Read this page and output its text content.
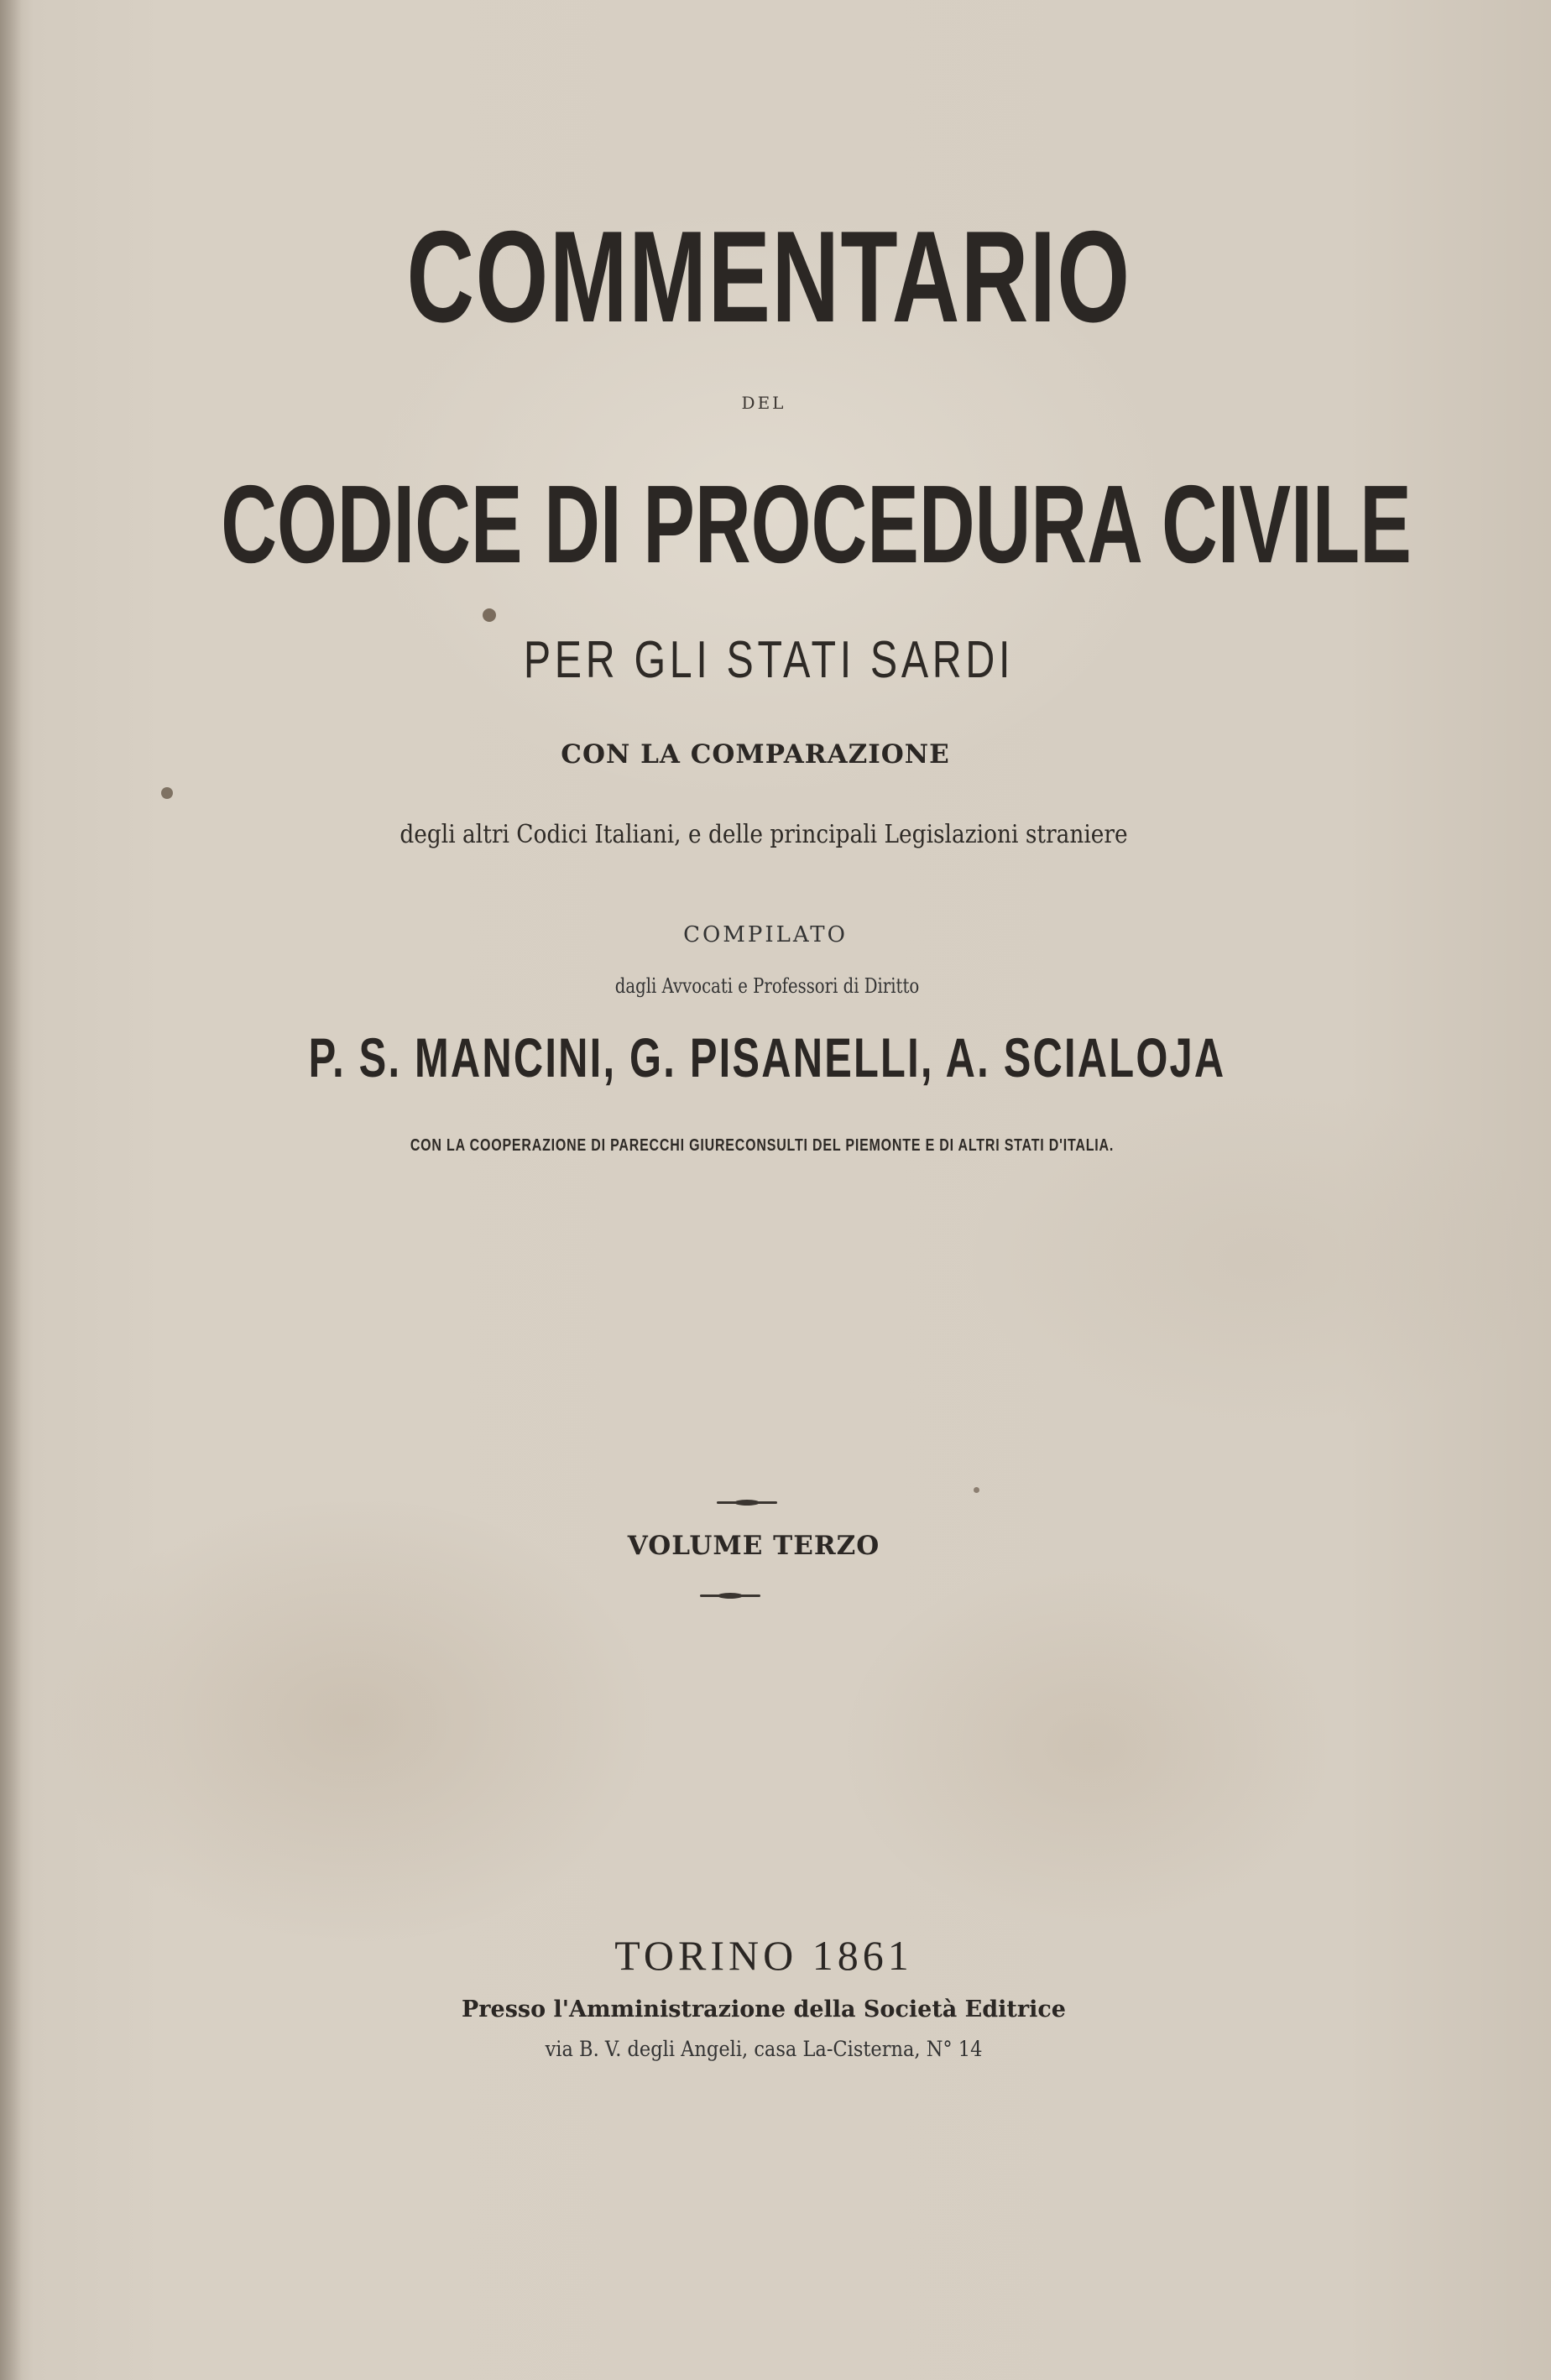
COMMENTARIO
DEL
CODICE DI PROCEDURA CIVILE
PER GLI STATI SARDI
CON LA COMPARAZIONE
degli altri Codici Italiani, e delle principali Legislazioni straniere
COMPILATO
dagli Avvocati e Professori di Diritto
P. S. MANCINI, G. PISANELLI, A. SCIALOJA
CON LA COOPERAZIONE DI PARECCHI GIURECONSULTI DEL PIEMONTE E DI ALTRI STATI D'ITALIA.
VOLUME TERZO
TORINO 1861
Presso l'Amministrazione della Società Editrice
via B. V. degli Angeli, casa La-Cisterna, N° 14
